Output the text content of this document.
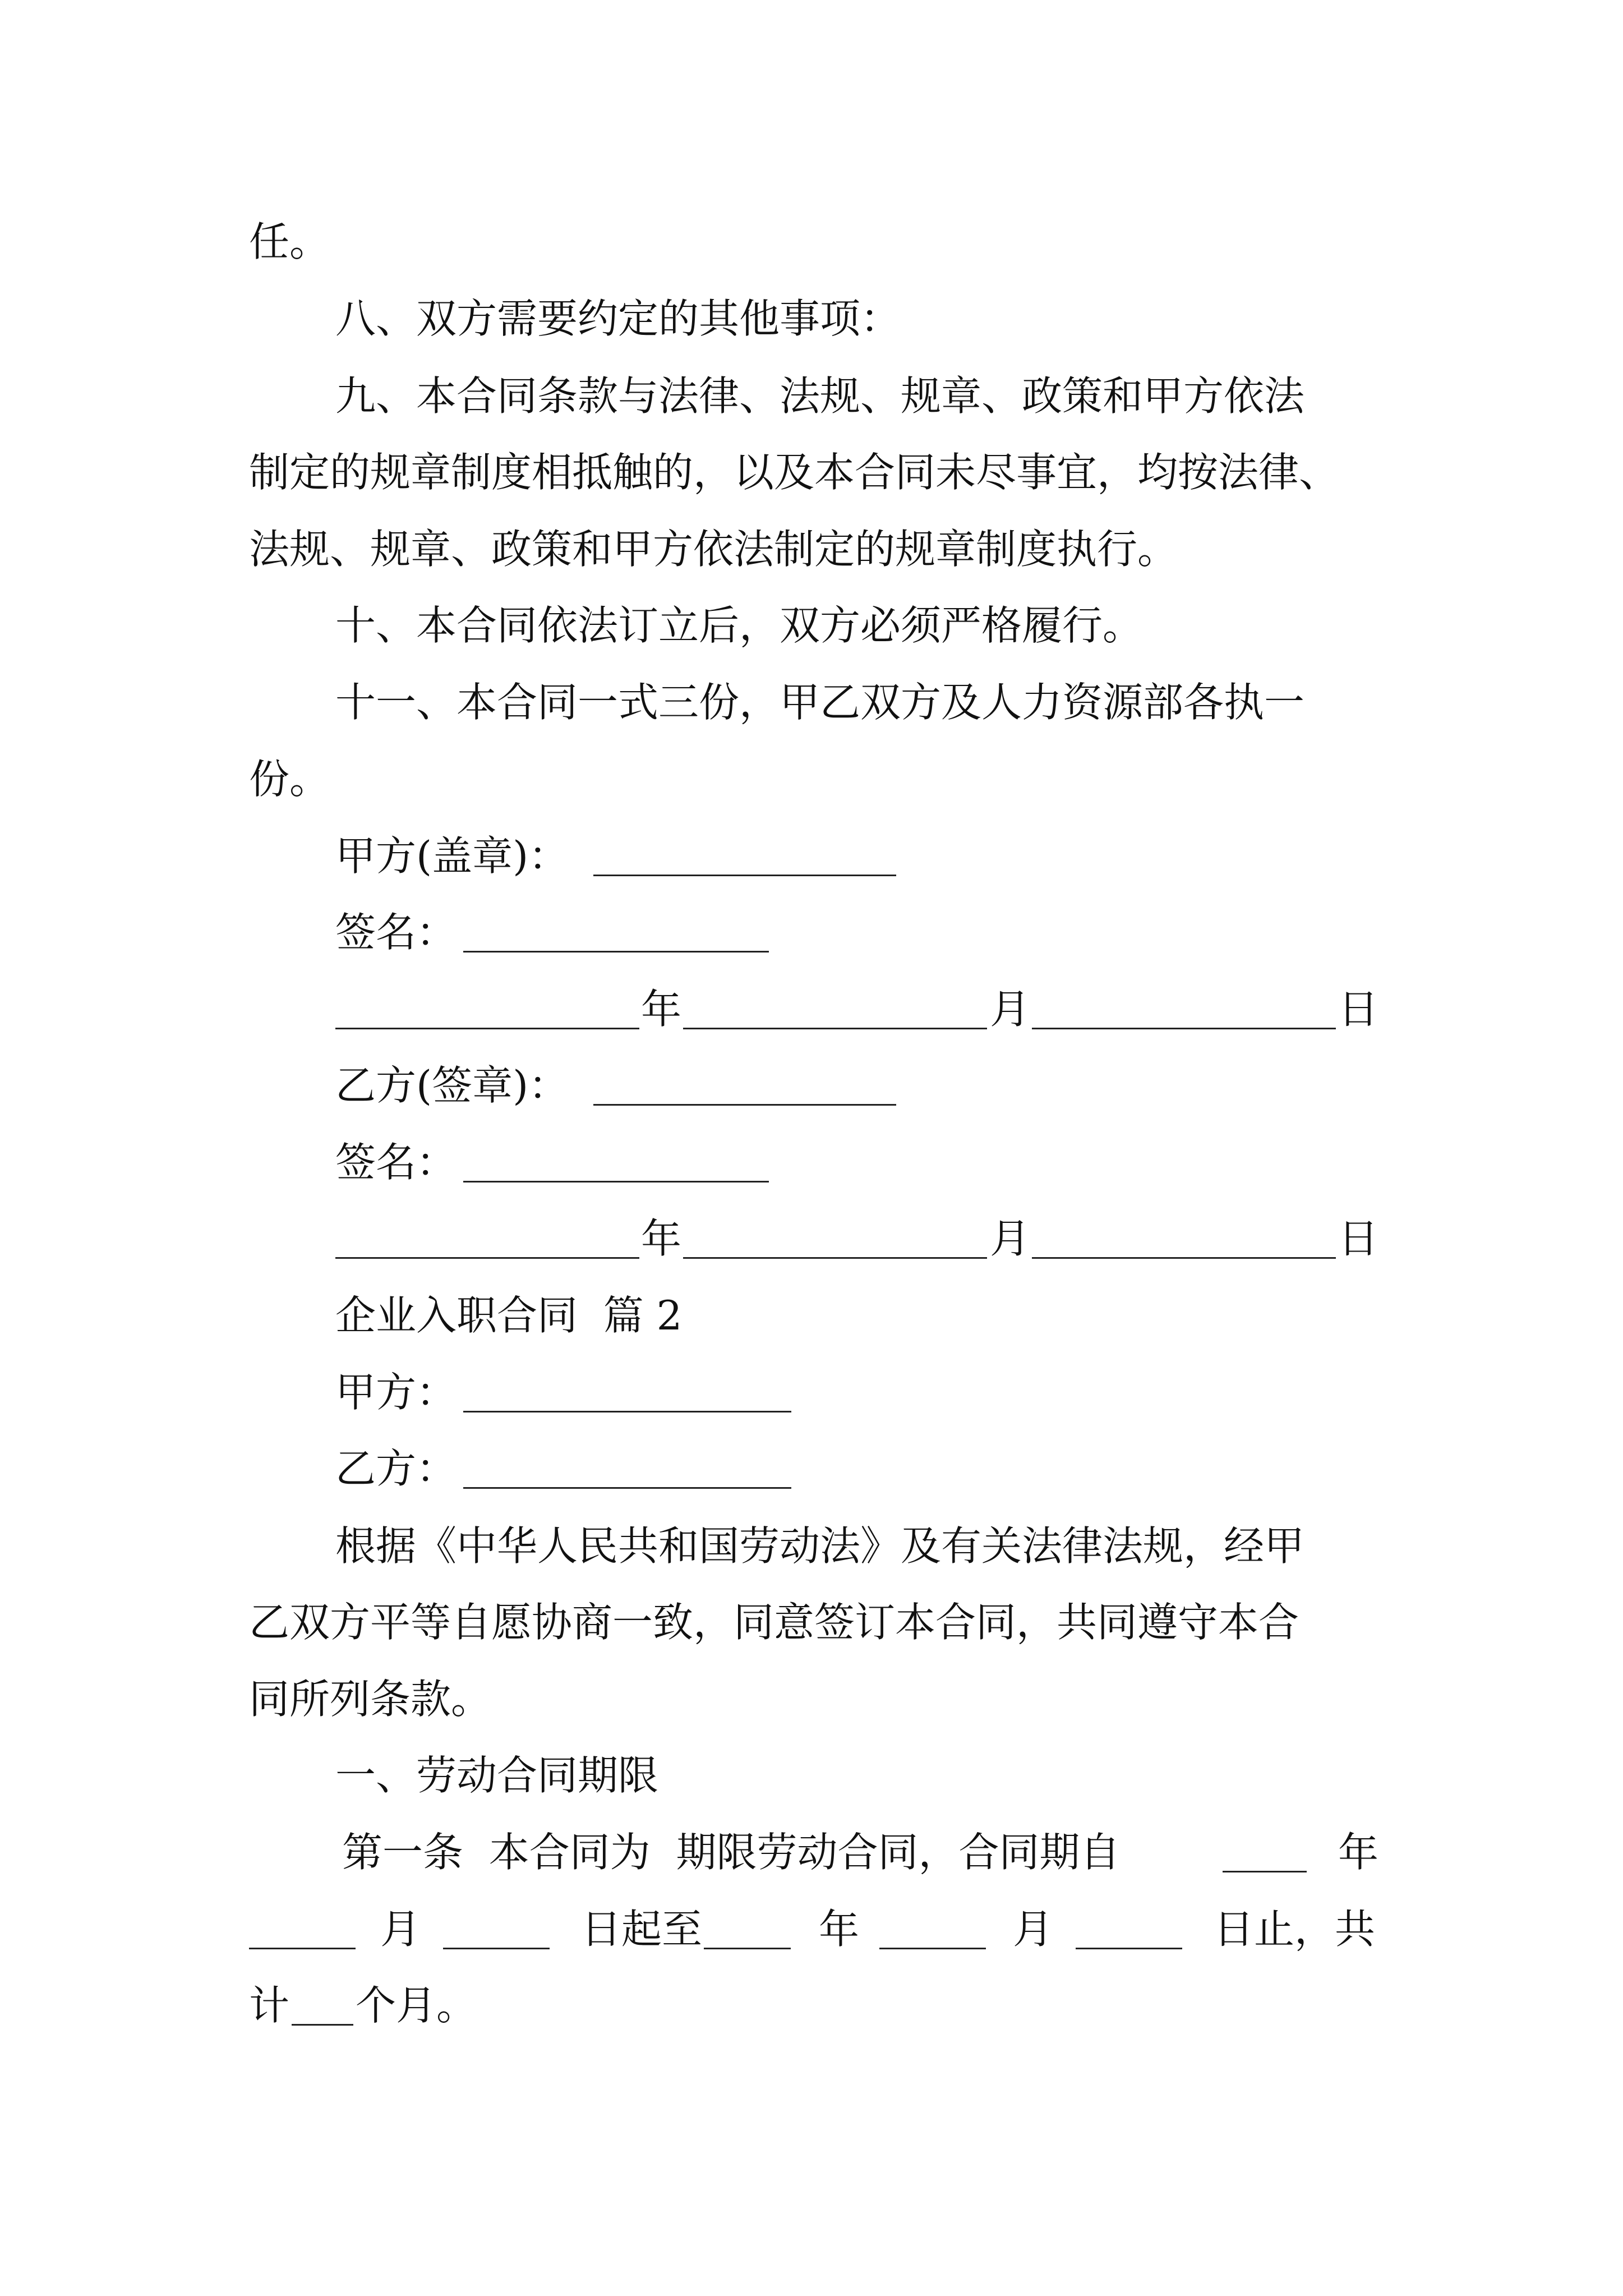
任。
八、双方需要约定的其他事项：
九、本合同条款与法律、法规、规章、政策和甲方依法
制定的规章制度相抵触的，以及本合同未尽事宜，均按法律、
法规、规章、政策和甲方依法制定的规章制度执行。
十、本合同依法订立后，双方必须严格履行。
十一、本合同一式三份，甲乙双方及人力资源部各执一
份。
甲方(盖章)：
签名：
年	月	日
乙方(签章)：
签名：
年	月	日
企业入职合同  篇 2
甲方：
乙方：
根据《中华人民共和国劳动法》及有关法律法规，经甲
乙双方平等自愿协商一致，同意签订本合同，共同遵守本合
同所列条款。
一、劳动合同期限
第一条  本合同为  期限劳动合同，合同期自	年
月	日起至	年	月	日止，共
计 个月。
